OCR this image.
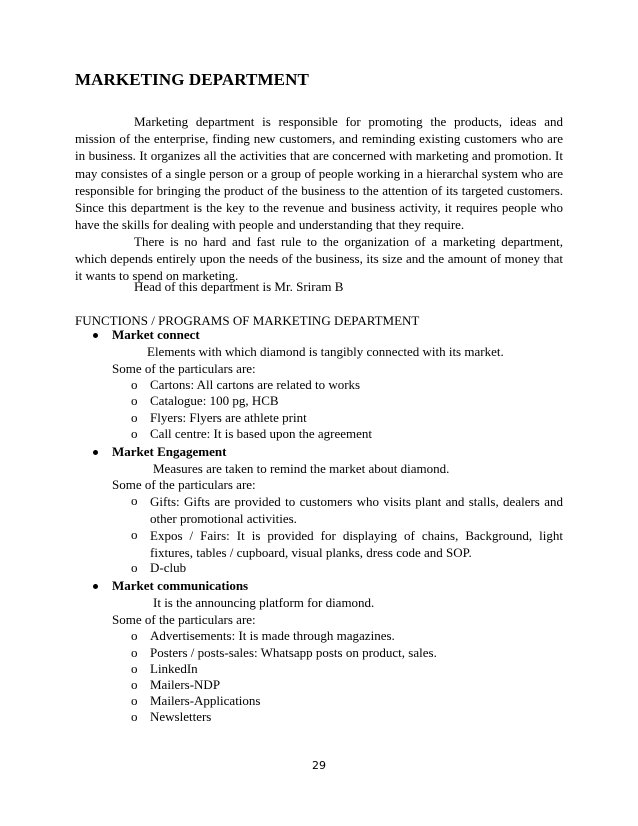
MARKETING DEPARTMENT
Marketing department is responsible for promoting the products, ideas and mission of the enterprise, finding new customers, and reminding existing customers who are in business. It organizes all the activities that are concerned with marketing and promotion. It may consistes of a single person or a group of people working in a hierarchal system who are responsible for bringing the product of the business to the attention of its targeted customers. Since this department is the key to the revenue and business activity, it requires people who have the skills for dealing with people and understanding that they require.
There is no hard and fast rule to the organization of a marketing department, which depends entirely upon the needs of the business, its size and the amount of money that it wants to spend on marketing.
Head of this department is Mr. Sriram B
FUNCTIONS / PROGRAMS OF MARKETING DEPARTMENT
Market connect
Elements with which diamond is tangibly connected with its market.
Some of the particulars are:
o Cartons: All cartons are related to works
o Catalogue: 100 pg, HCB
o Flyers: Flyers are athlete print
o Call centre: It is based upon the agreement
Market Engagement
Measures are taken to remind the market about diamond.
Some of the particulars are:
o Gifts: Gifts are provided to customers who visits plant and stalls, dealers and other promotional activities.
o Expos / Fairs: It is provided for displaying of chains, Background, light fixtures, tables / cupboard, visual planks, dress code and SOP.
o D-club
Market communications
It is the announcing platform for diamond.
Some of the particulars are:
o Advertisements: It is made through magazines.
o Posters / posts-sales: Whatsapp posts on product, sales.
o LinkedIn
o Mailers-NDP
o Mailers-Applications
o Newsletters
29
